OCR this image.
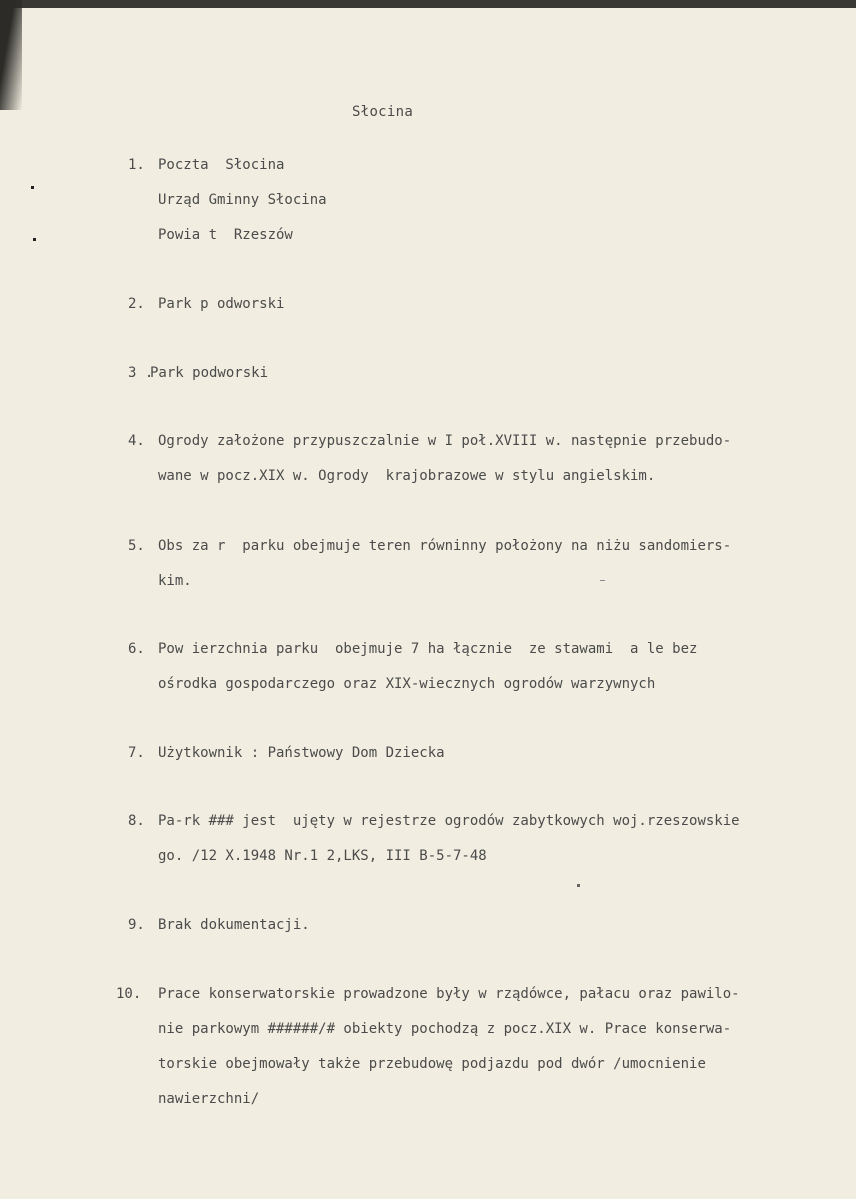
Słocina
1. Poczta  Słocina
Urząd Gminny Słocina
Powia t  Rzeszów
2. Park p odworski
3 .
Park podworski
4. Ogrody założone przypuszczalnie w I poł.XVIII w. następnie przebudo-
wane w pocz.XIX w. Ogrody  krajobrazowe w stylu angielskim.
5. Obs za r  parku obejmuje teren równinny położony na niżu sandomiers-
kim.
6. Pow ierzchnia parku  obejmuje 7 ha łącznie  ze stawami  a le bez
ośrodka gospodarczego oraz XIX-wiecznych ogrodów warzywnych
7. Użytkownik : Państwowy Dom Dziecka
8. Pa-rk ### jest  ujęty w rejestrze ogrodów zabytkowych woj.rzeszowskie
go. /12 X.1948 Nr.1 2,LKS, III B-5-7-48
9. Brak dokumentacji.
10. Prace konserwatorskie prowadzone były w rządówce, pałacu oraz pawilo-
nie parkowym ######/# obiekty pochodzą z pocz.XIX w. Prace konserwa-
torskie obejmowały także przebudowę podjazdu pod dwór /umocnienie
nawierzchni/
